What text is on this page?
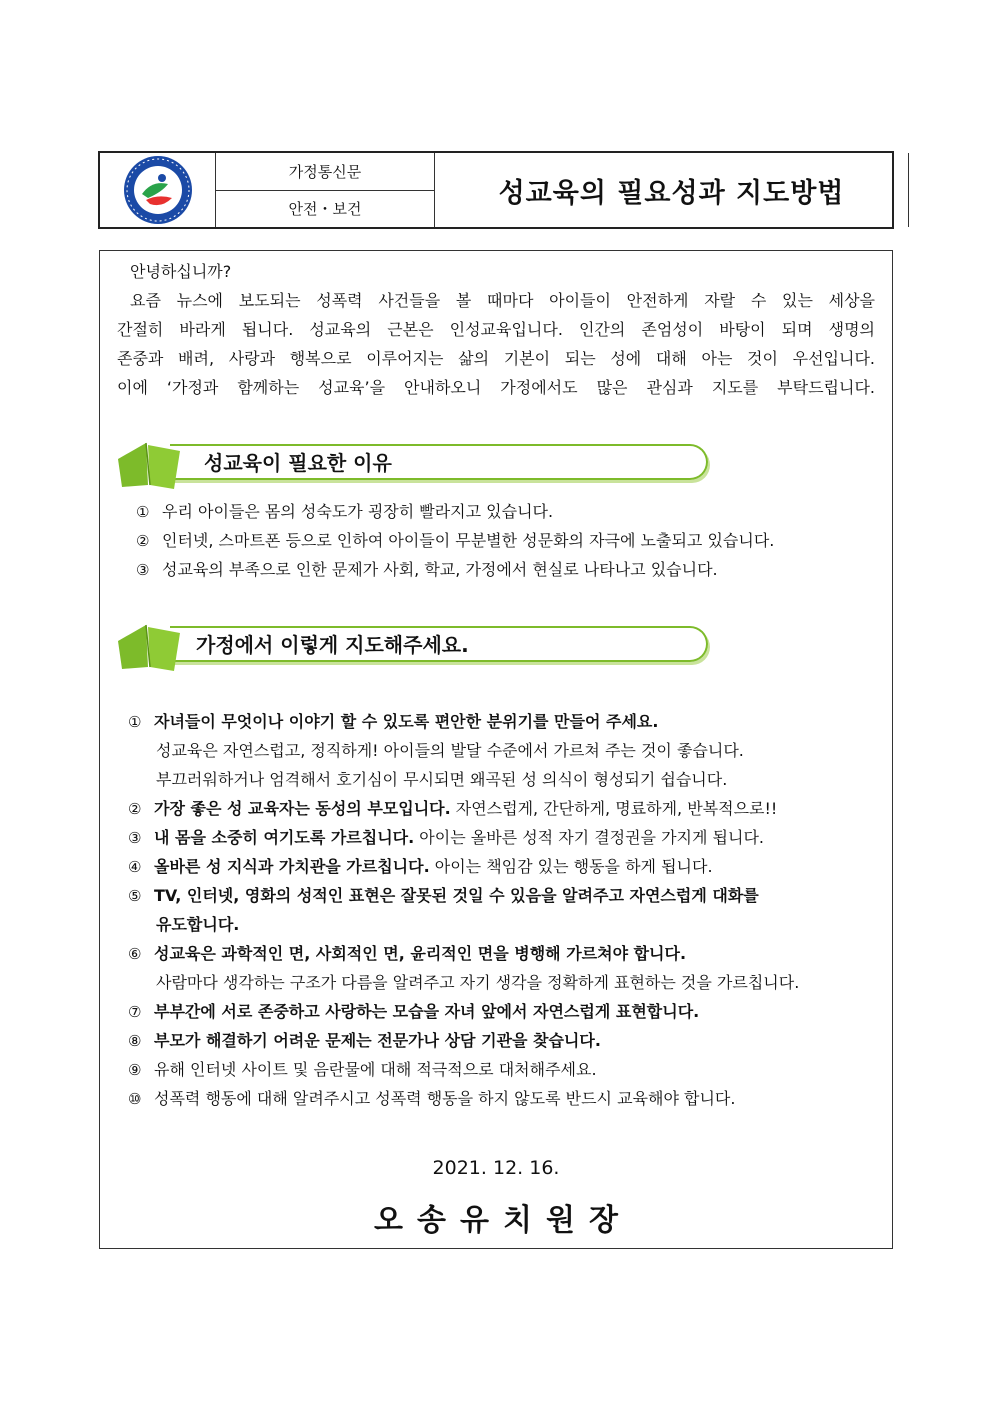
가정통신문
안전・보건
성교육의 필요성과 지도방법
안녕하십니까?
요즘 뉴스에 보도되는 성폭력 사건들을 볼 때마다 아이들이 안전하게 자랄 수 있는 세상을
간절히 바라게 됩니다. 성교육의 근본은 인성교육입니다. 인간의 존엄성이 바탕이 되며 생명의
존중과 배려, 사랑과 행복으로 이루어지는 삶의 기본이 되는 성에 대해 아는 것이 우선입니다.
이에 ‘가정과 함께하는 성교육’을 안내하오니 가정에서도 많은 관심과 지도를 부탁드립니다.
성교육이 필요한 이유
① 우리 아이들은 몸의 성숙도가 굉장히 빨라지고 있습니다.
② 인터넷, 스마트폰 등으로 인하여 아이들이 무분별한 성문화의 자극에 노출되고 있습니다.
③ 성교육의 부족으로 인한 문제가 사회, 학교, 가정에서 현실로 나타나고 있습니다.
가정에서 이렇게 지도해주세요.
① 자녀들이 무엇이나 이야기 할 수 있도록 편안한 분위기를 만들어 주세요.
성교육은 자연스럽고, 정직하게! 아이들의 발달 수준에서 가르쳐 주는 것이 좋습니다.
부끄러워하거나 엄격해서 호기심이 무시되면 왜곡된 성 의식이 형성되기 쉽습니다.
② 가장 좋은 성 교육자는 동성의 부모입니다. 자연스럽게, 간단하게, 명료하게, 반복적으로!!
③ 내 몸을 소중히 여기도록 가르칩니다. 아이는 올바른 성적 자기 결정권을 가지게 됩니다.
④ 올바른 성 지식과 가치관을 가르칩니다. 아이는 책임감 있는 행동을 하게 됩니다.
⑤ TV, 인터넷, 영화의 성적인 표현은 잘못된 것일 수 있음을 알려주고 자연스럽게 대화를
유도합니다.
⑥ 성교육은 과학적인 면, 사회적인 면, 윤리적인 면을 병행해 가르쳐야 합니다.
사람마다 생각하는 구조가 다름을 알려주고 자기 생각을 정확하게 표현하는 것을 가르칩니다.
⑦ 부부간에 서로 존중하고 사랑하는 모습을 자녀 앞에서 자연스럽게 표현합니다.
⑧ 부모가 해결하기 어려운 문제는 전문가나 상담 기관을 찾습니다.
⑨ 유해 인터넷 사이트 및 음란물에 대해 적극적으로 대처해주세요.
⑩ 성폭력 행동에 대해 알려주시고 성폭력 행동을 하지 않도록 반드시 교육해야 합니다.
2021. 12. 16.
오송유치원장
